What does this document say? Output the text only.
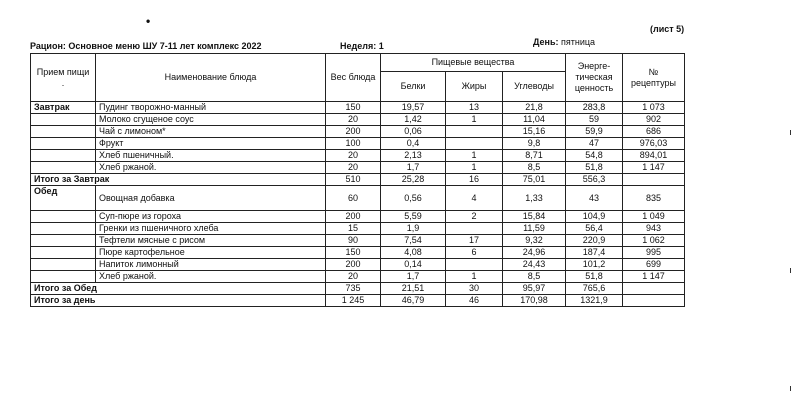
•
(лист 5)
Рацион: Основное меню ШУ 7-11 лет комплекс 2022	Неделя: 1	День: пятница
Прием пищи
.	Наименование блюда	Вес блюда	Пищевые вещества			Энерге-тическая ценность	№ рецептуры
			Белки	Жиры	Углеводы		
Завтрак	Пудинг творожно-манный	150	19,57	13	21,8	283,8	1 073
	Молоко сгущеное соус	20	1,42	1	11,04	59	902
	Чай с лимоном*	200	0,06		15,16	59,9	686
	Фрукт	100	0,4		9,8	47	976,03
	Хлеб пшеничный.	20	2,13	1	8,71	54,8	894,01
	Хлеб ржаной.	20	1,7	1	8,5	51,8	1 147
Итого за Завтрак		510	25,28	16	75,01	556,3	
Обед	Овощная добавка	60	0,56	4	1,33	43	835
	Суп-пюре из гороха	200	5,59	2	15,84	104,9	1 049
	Гренки из пшеничного хлеба	15	1,9		11,59	56,4	943
	Тефтели мясные с рисом	90	7,54	17	9,32	220,9	1 062
	Пюре картофельное	150	4,08	6	24,96	187,4	995
	Напиток лимонный	200	0,14		24,43	101,2	699
	Хлеб ржаной.	20	1,7	1	8,5	51,8	1 147
Итого за Обед		735	21,51	30	95,97	765,6	
Итого за день		1 245	46,79	46	170,98	1321,9	
